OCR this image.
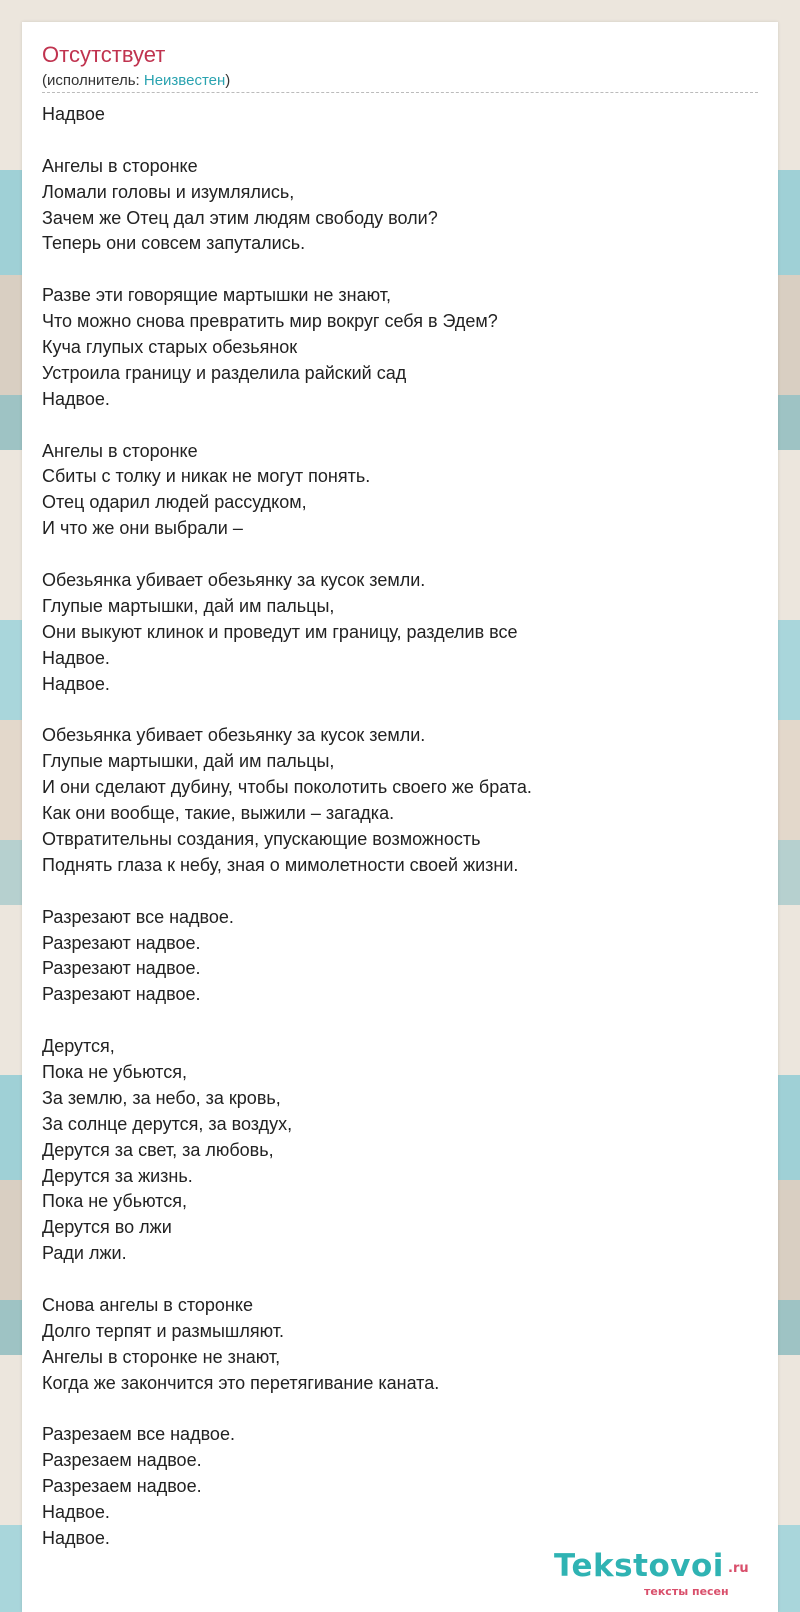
Отсутствует
(исполнитель: Неизвестен)
Надвое
Ангелы в сторонке
Ломали головы и изумлялись,
Зачем же Отец дал этим людям свободу воли?
Теперь они совсем запутались.
Разве эти говорящие мартышки не знают,
Что можно снова превратить мир вокруг себя в Эдем?
Куча глупых старых обезьянок
Устроила границу и разделила райский сад
Надвое.
Ангелы в сторонке
Сбиты с толку и никак не могут понять.
Отец одарил людей рассудком,
И что же они выбрали –
Обезьянка убивает обезьянку за кусок земли.
Глупые мартышки, дай им пальцы,
Они выкуют клинок и проведут им границу, разделив все
Надвое.
Надвое.
Обезьянка убивает обезьянку за кусок земли.
Глупые мартышки, дай им пальцы,
И они сделают дубину, чтобы поколотить своего же брата.
Как они вообще, такие, выжили – загадка.
Отвратительны создания, упускающие возможность
Поднять глаза к небу, зная о мимолетности своей жизни.
Разрезают все надвое.
Разрезают надвое.
Разрезают надвое.
Разрезают надвое.
Дерутся,
Пока не убьются,
За землю, за небо, за кровь,
За солнце дерутся, за воздух,
Дерутся за свет, за любовь,
Дерутся за жизнь.
Пока не убьются,
Дерутся во лжи
Ради лжи.
Снова ангелы в сторонке
Долго терпят и размышляют.
Ангелы в сторонке не знают,
Когда же закончится это перетягивание каната.
Разрезаем все надвое.
Разрезаем надвое.
Разрезаем надвое.
Надвое.
Надвое.
Tekstovoi .ru
тексты песен
